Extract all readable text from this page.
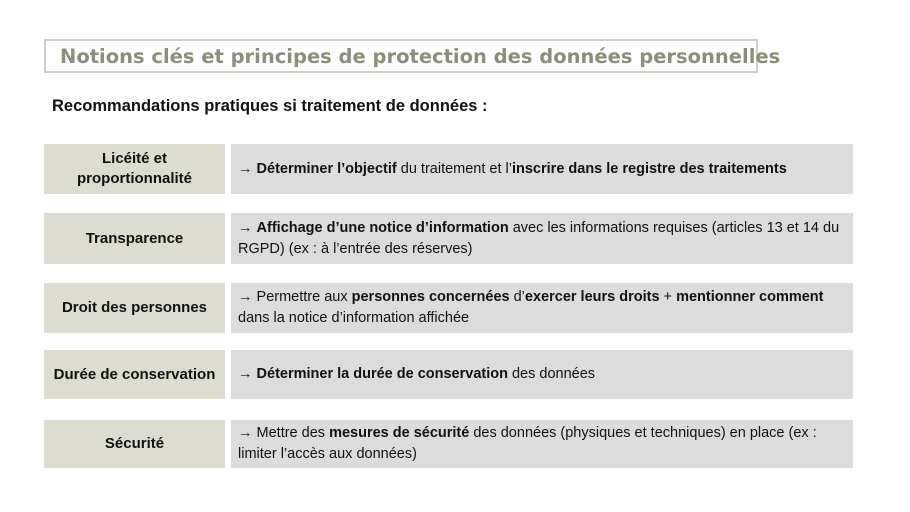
Notions clés et principes de protection des données personnelles
Recommandations pratiques si traitement de données :
Licéité et proportionnalité
→ Déterminer l’objectif du traitement et l’inscrire dans le registre des traitements
Transparence
→ Affichage d’une notice d’information avec les informations requises (articles 13 et 14 du RGPD) (ex : à l’entrée des réserves)
Droit des personnes
→ Permettre aux personnes concernées d’exercer leurs droits + mentionner comment dans la notice d’information affichée
Durée de conservation	→ Déterminer la durée de conservation des données
Sécurité
→ Mettre des mesures de sécurité des données (physiques et techniques) en place (ex : limiter l’accès aux données)
